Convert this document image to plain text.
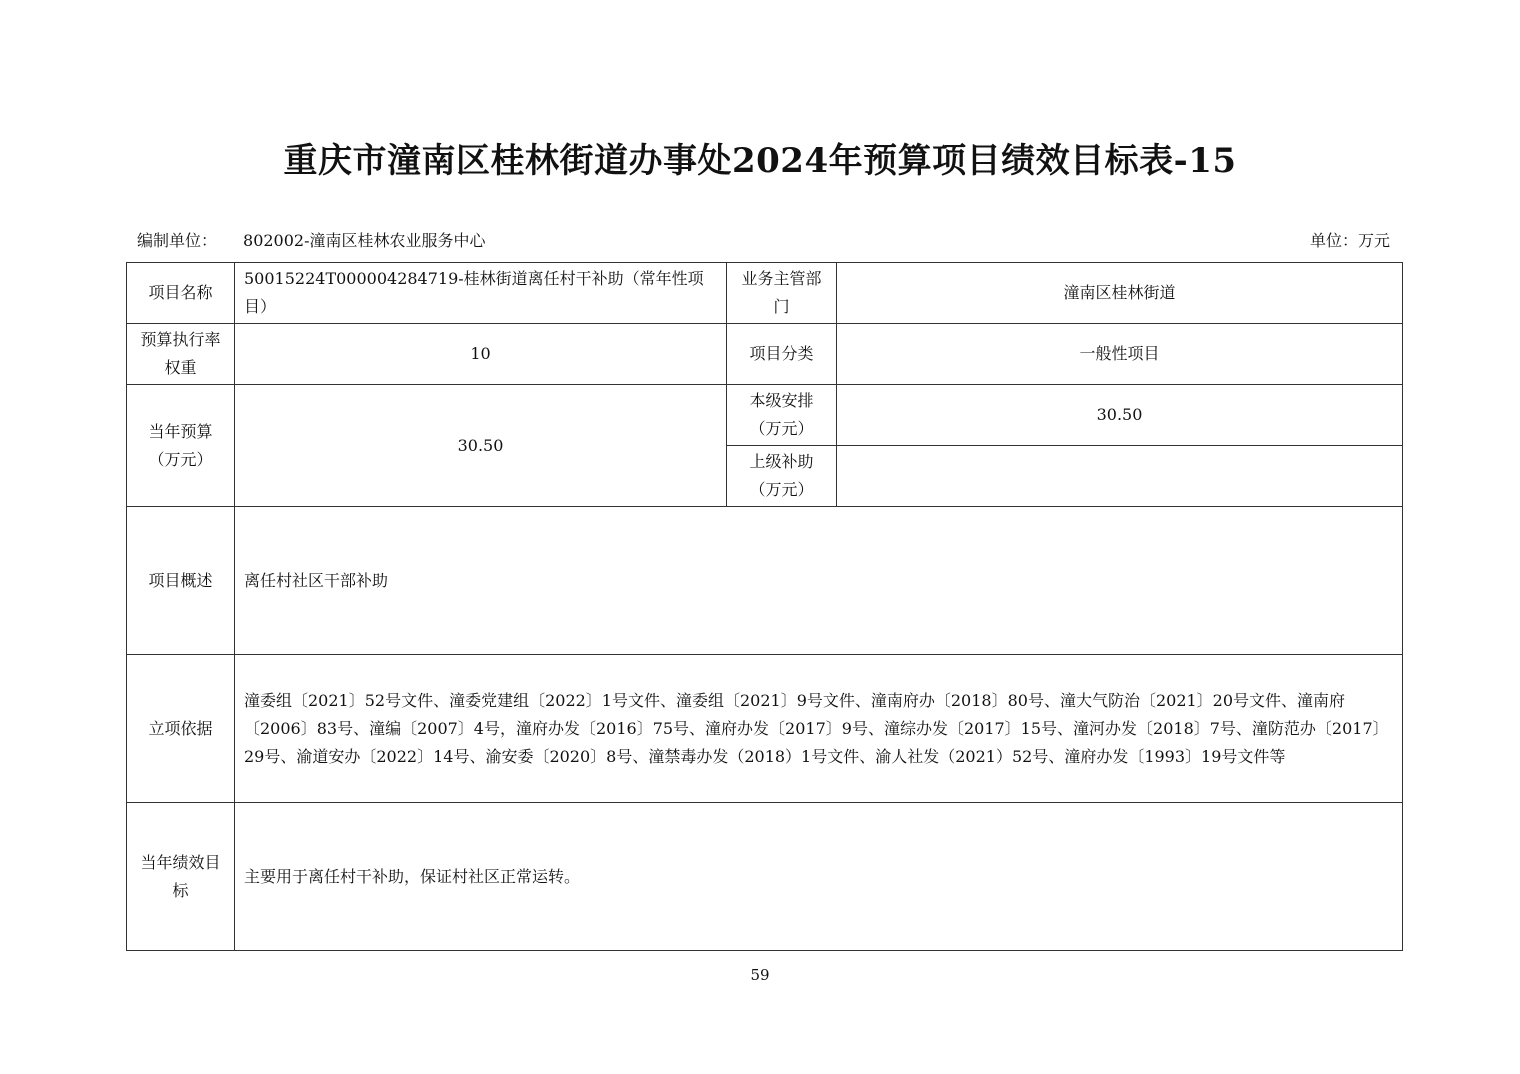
重庆市潼南区桂林街道办事处2024年预算项目绩效目标表-15
编制单位： 802002-潼南区桂林农业服务中心	单位：万元
项目名称	50015224T000004284719-桂林街道离任村干补助（常年性项目）	业务主管部门	潼南区桂林街道
预算执行率权重	10	项目分类	一般性项目
当年预算（万元）	30.50	本级安排（万元）	30.50
		上级补助（万元）	
项目概述	离任村社区干部补助		
立项依据	潼委组〔2021〕52号文件、潼委党建组〔2022〕1号文件、潼委组〔2021〕9号文件、潼南府办〔2018〕80号、潼大气防治〔2021〕20号文件、潼南府〔2006〕83号、潼编〔2007〕4号，潼府办发〔2016〕75号、潼府办发〔2017〕9号、潼综办发〔2017〕15号、潼河办发〔2018〕7号、潼防范办〔2017〕29号、渝道安办〔2022〕14号、渝安委〔2020〕8号、潼禁毒办发（2018）1号文件、渝人社发（2021）52号、潼府办发〔1993〕19号文件等		
当年绩效目标	主要用于离任村干补助，保证村社区正常运转。		
59
